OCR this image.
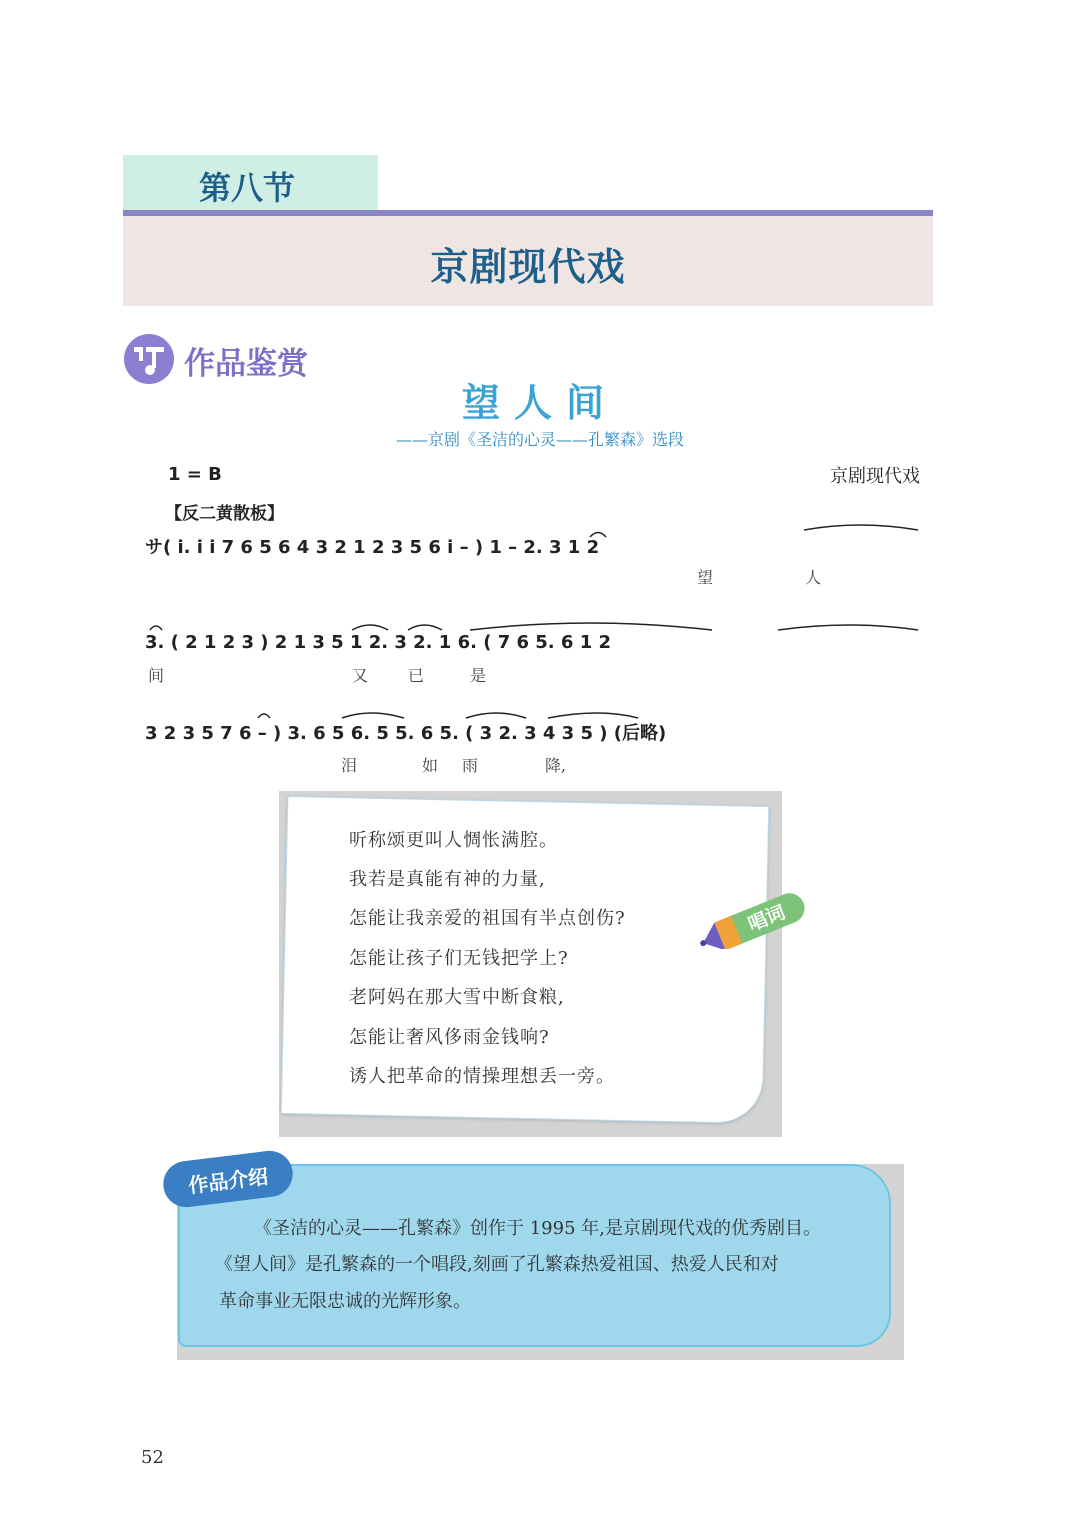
第八节
京剧现代戏
作品鉴赏
望人间
——京剧《圣洁的心灵——孔繁森》选段
1 = B	京剧现代戏
【反二黄散板】
サ( i. i i 7 6 5 6 4 3 2 1 2 3 5 6 i – ) 1 – 2. 3 1 2
望	人
3. ( 2 1 2 3 ) 2 1 3 5 1 2. 3 2. 1 6. ( 7 6 5. 6 1 2
间	又 已	是
3 2 3 5 7 6 – ) 3. 6 5 6. 5 5. 6 5. ( 3 2. 3 4 3 5 ) (后略)
泪	如 雨	降,
听称颂更叫人惆怅满腔。
我若是真能有神的力量,
怎能让我亲爱的祖国有半点创伤?
怎能让孩子们无钱把学上?
老阿妈在那大雪中断食粮,
怎能让奢风侈雨金钱响?
诱人把革命的情操理想丢一旁。
唱词
作品介绍
《圣洁的心灵——孔繁森》创作于 1995 年,是京剧现代戏的优秀剧目。
《望人间》是孔繁森的一个唱段,刻画了孔繁森热爱祖国、热爱人民和对
革命事业无限忠诚的光辉形象。
52
